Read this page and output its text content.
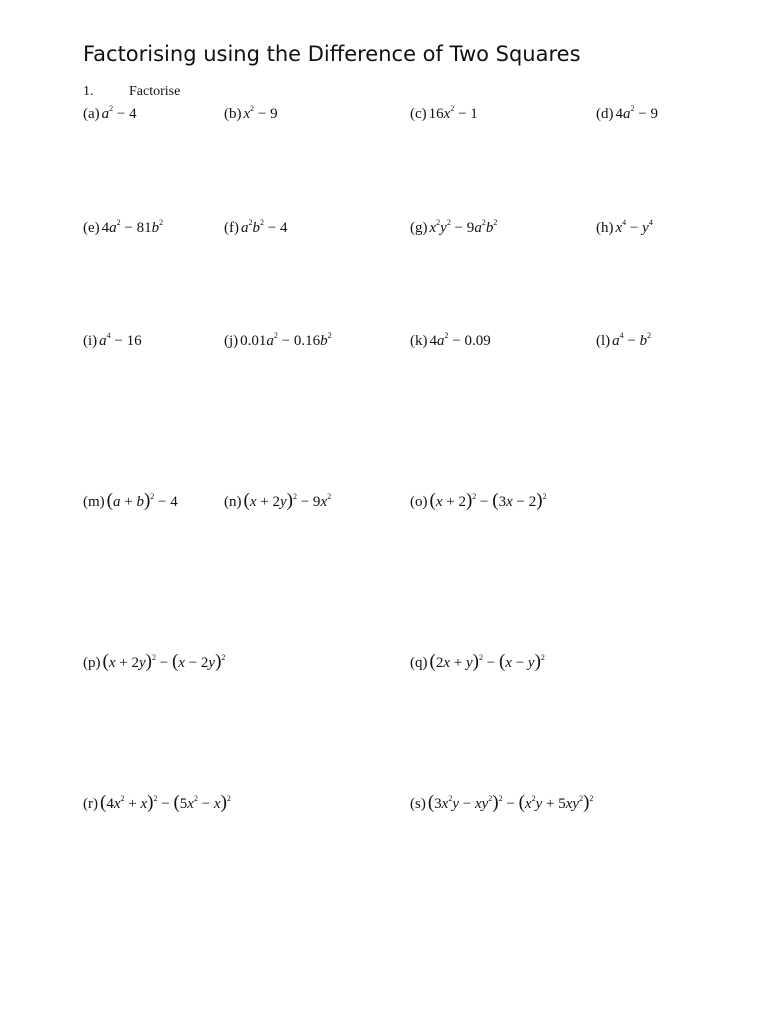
Factorising using the Difference of Two Squares
1.	Factorise
(a) $a^2 - 4$	(b) $x^2 - 9$	(c) $16x^2 - 1$	(d) $4a^2 - 9$
(e) $4a^2 - 81b^2$	(f) $a^2b^2 - 4$	(g) $x^2y^2 - 9a^2b^2$	(h) $x^4 - y^4$
(i) $a^4 - 16$	(j) $0.01a^2 - 0.16b^2$	(k) $4a^2 - 0.09$	(l) $a^4 - b^2$
(m) $(a + b)^2 - 4$	(n) $(x + 2y)^2 - 9x^2$	(o) $(x + 2)^2 - (3x - 2)^2$
(p) $(x + 2y)^2 - (x - 2y)^2$	(q) $(2x + y)^2 - (x - y)^2$
(r) $(4x^2 + x)^2 - (5x^2 - x)^2$	(s) $(3x^2y - xy^2)^2 - (x^2y + 5xy^2)^2$
